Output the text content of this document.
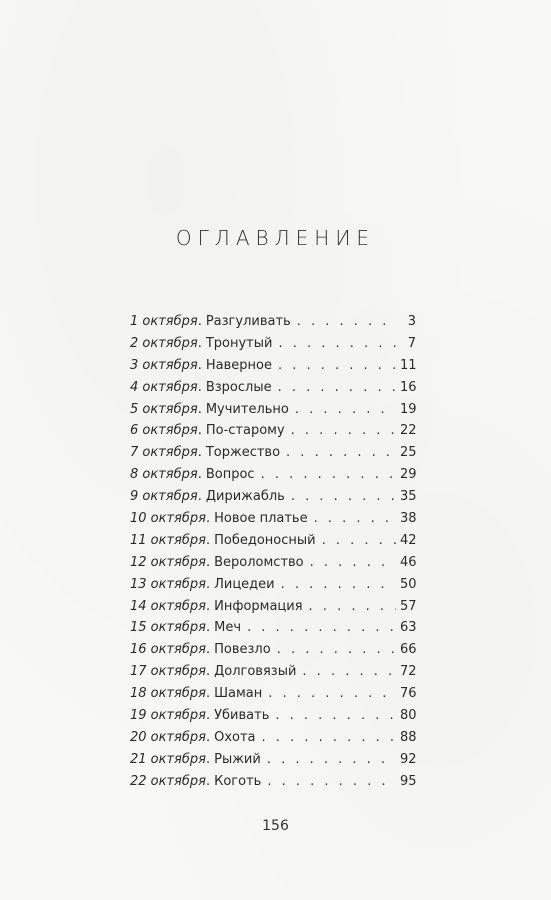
ОГЛАВЛЕНИЕ
1 октября . Разгуливать . . .	3
2 октября . Тронутый . . .	7
3 октября . Наверное . . .	11
4 октября . Взрослые . . .	16
5 октября . Мучительно . . .	19
6 октября . По-старому . . .	22
7 октября . Торжество . . .	25
8 октября . Вопрос . . .	29
9 октября . Дирижабль . . .	35
10 октября . Новое платье . . .	38
11 октября . Победоносный . . .	42
12 октября . Вероломство . . .	46
13 октября . Лицедеи . . .	50
14 октября . Информация . . .	57
15 октября . Меч . . .	63
16 октября . Повезло . . .	66
17 октября . Долговязый . . .	72
18 октября . Шаман . . .	76
19 октября . Убивать . . .	80
20 октября . Охота . . .	88
21 октября . Рыжий . . .	92
22 октября . Коготь . . .	95
156
